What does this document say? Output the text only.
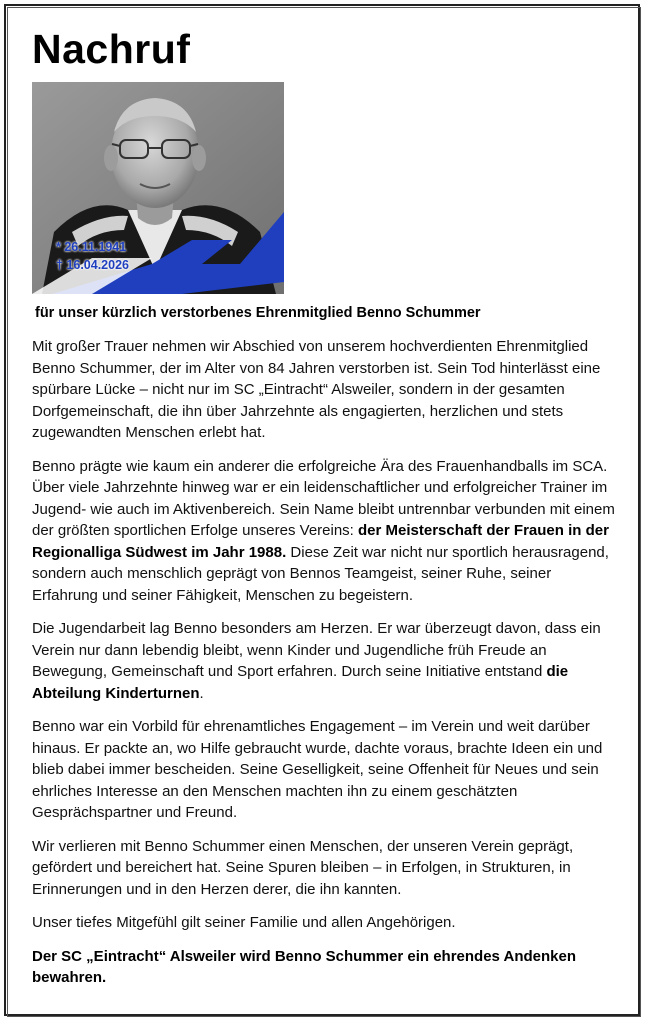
Nachruf
* 26.11.1941
† 16.04.2026

für unser kürzlich verstorbenes Ehrenmitglied Benno Schummer

Mit großer Trauer nehmen wir Abschied von unserem hochverdienten Ehrenmitglied Benno Schummer, der im Alter von 84 Jahren verstorben ist. Sein Tod hinterlässt eine spürbare Lücke – nicht nur im SC „Eintracht“ Alsweiler, sondern in der gesamten Dorfgemeinschaft, die ihn über Jahrzehnte als engagierten, herzlichen und stets zugewandten Menschen erlebt hat.

Benno prägte wie kaum ein anderer die erfolgreiche Ära des Frauenhandballs im SCA. Über viele Jahrzehnte hinweg war er ein leidenschaftlicher und erfolgreicher Trainer im Jugend- wie auch im Aktivenbereich. Sein Name bleibt untrennbar verbunden mit einem der größten sportlichen Erfolge unseres Vereins: der Meisterschaft der Frauen in der Regionalliga Südwest im Jahr 1988. Diese Zeit war nicht nur sportlich herausragend, sondern auch menschlich geprägt von Bennos Teamgeist, seiner Ruhe, seiner Erfahrung und seiner Fähigkeit, Menschen zu begeistern.

Die Jugendarbeit lag Benno besonders am Herzen. Er war überzeugt davon, dass ein Verein nur dann lebendig bleibt, wenn Kinder und Jugendliche früh Freude an Bewegung, Gemeinschaft und Sport erfahren. Durch seine Initiative entstand die Abteilung Kinderturnen.

Benno war ein Vorbild für ehrenamtliches Engagement – im Verein und weit darüber hinaus. Er packte an, wo Hilfe gebraucht wurde, dachte voraus, brachte Ideen ein und blieb dabei immer bescheiden. Seine Geselligkeit, seine Offenheit für Neues und sein ehrliches Interesse an den Menschen machten ihn zu einem geschätzten Gesprächspartner und Freund.

Wir verlieren mit Benno Schummer einen Menschen, der unseren Verein geprägt, gefördert und bereichert hat. Seine Spuren bleiben – in Erfolgen, in Strukturen, in Erinnerungen und in den Herzen derer, die ihn kannten.

Unser tiefes Mitgefühl gilt seiner Familie und allen Angehörigen.

Der SC „Eintracht“ Alsweiler wird Benno Schummer ein ehrendes Andenken bewahren.
